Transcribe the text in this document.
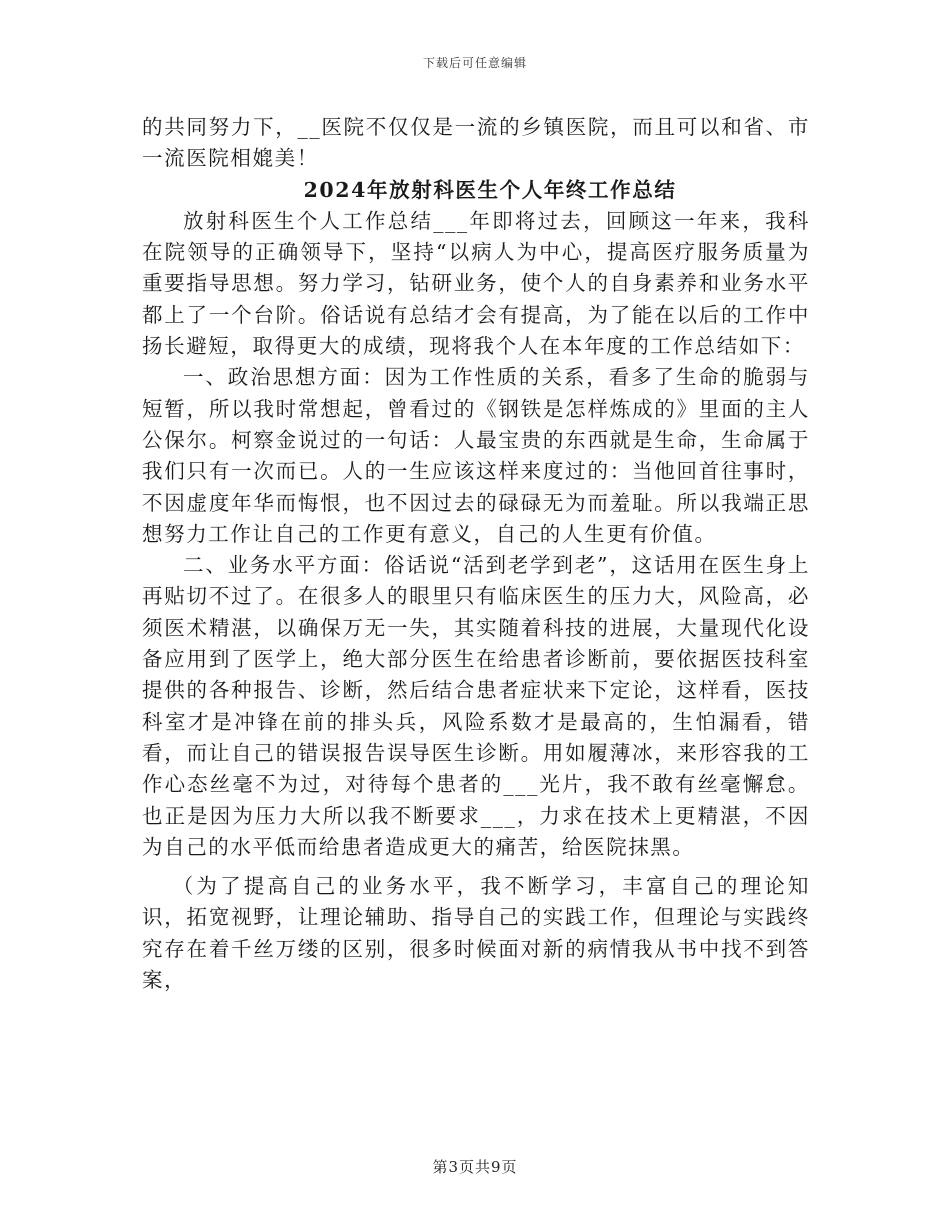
下载后可任意编辑

的共同努力下，__医院不仅仅是一流的乡镇医院，而且可以和省、市一流医院相媲美！

2024年放射科医生个人年终工作总结

放射科医生个人工作总结___年即将过去，回顾这一年来，我科在院领导的正确领导下，坚持“以病人为中心，提高医疗服务质量为重要指导思想。努力学习，钻研业务，使个人的自身素养和业务水平都上了一个台阶。俗话说有总结才会有提高，为了能在以后的工作中扬长避短，取得更大的成绩，现将我个人在本年度的工作总结如下：

一、政治思想方面：因为工作性质的关系，看多了生命的脆弱与短暂，所以我时常想起，曾看过的《钢铁是怎样炼成的》里面的主人公保尔。柯察金说过的一句话：人最宝贵的东西就是生命，生命属于我们只有一次而已。人的一生应该这样来度过的：当他回首往事时，不因虚度年华而悔恨，也不因过去的碌碌无为而羞耻。所以我端正思想努力工作让自己的工作更有意义，自己的人生更有价值。

二、业务水平方面：俗话说“活到老学到老”，这话用在医生身上再贴切不过了。在很多人的眼里只有临床医生的压力大，风险高，必须医术精湛，以确保万无一失，其实随着科技的进展，大量现代化设备应用到了医学上，绝大部分医生在给患者诊断前，要依据医技科室提供的各种报告、诊断，然后结合患者症状来下定论，这样看，医技科室才是冲锋在前的排头兵，风险系数才是最高的，生怕漏看，错看，而让自己的错误报告误导医生诊断。用如履薄冰，来形容我的工作心态丝毫不为过，对待每个患者的___光片，我不敢有丝毫懈怠。也正是因为压力大所以我不断要求___，力求在技术上更精湛，不因为自己的水平低而给患者造成更大的痛苦，给医院抹黑。

（为了提高自己的业务水平，我不断学习，丰富自己的理论知识，拓宽视野，让理论辅助、指导自己的实践工作，但理论与实践终究存在着千丝万缕的区别，很多时候面对新的病情我从书中找不到答案，

第3页共9页
